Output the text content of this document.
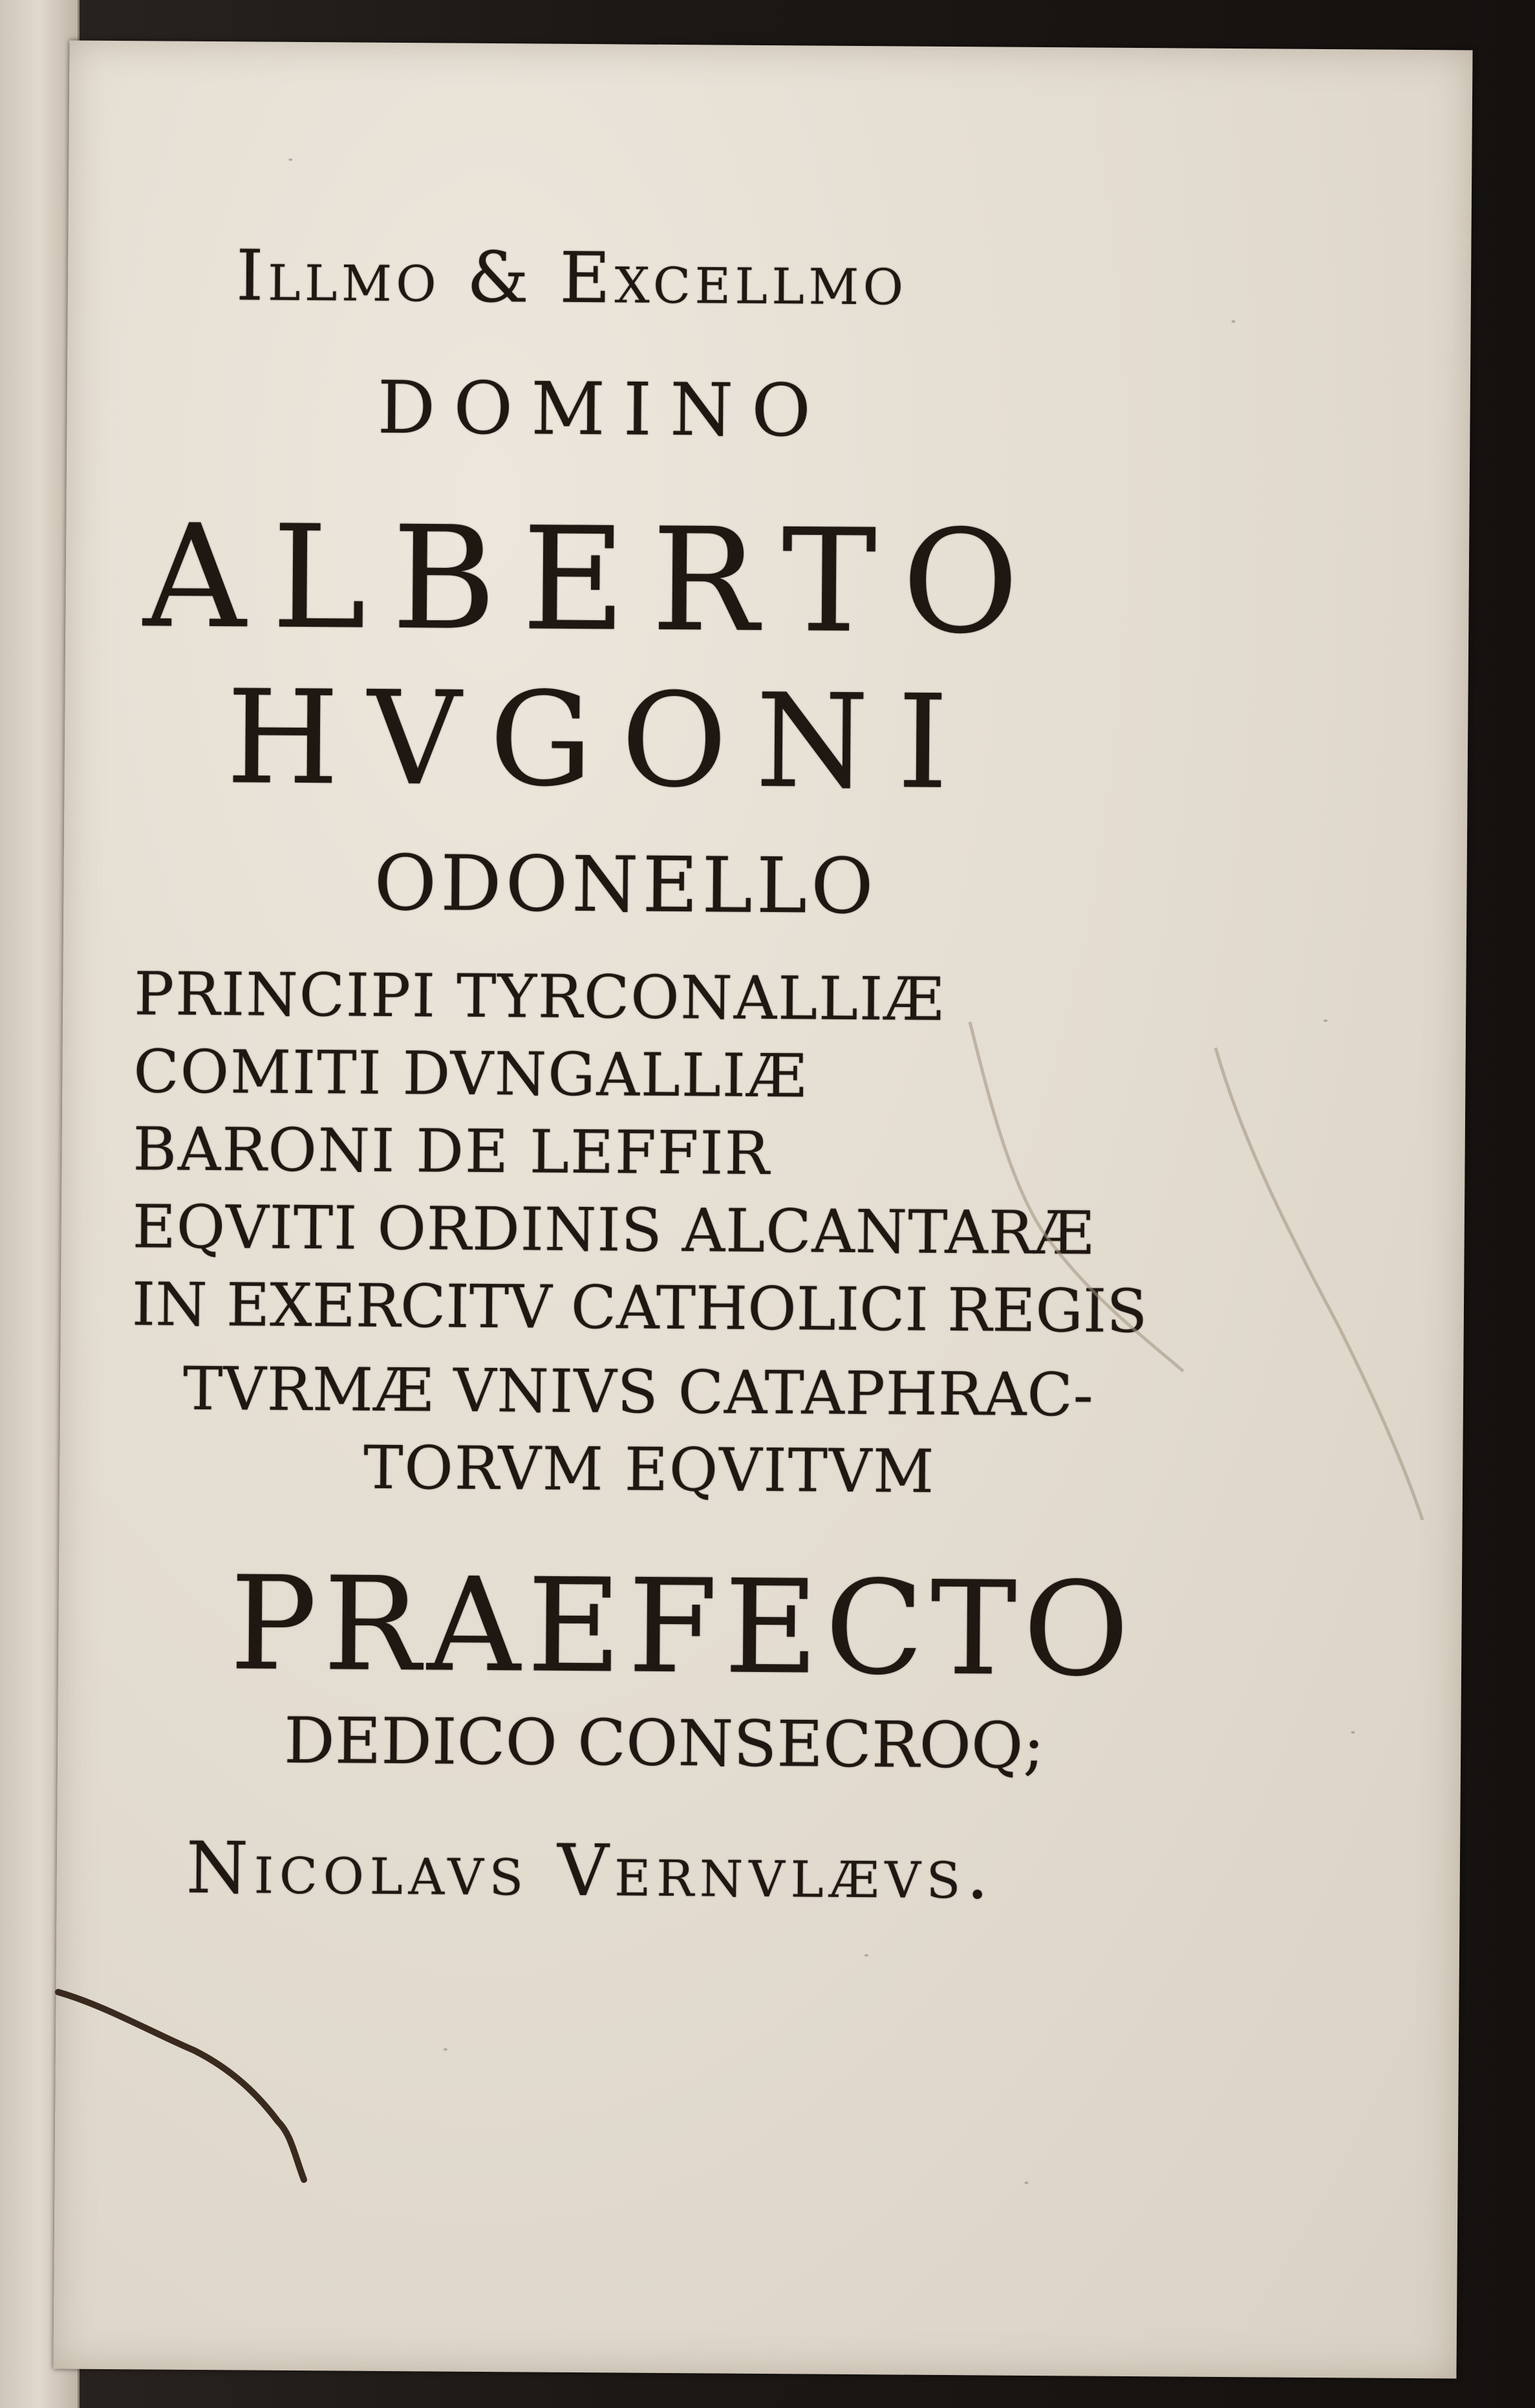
Illmo & Excellmo
DOMINO
ALBERTO
HVGONI
ODONELLO
PRINCIPI TYRCONALLIÆ
COMITI DVNGALLIÆ
BARONI DE LEFFIR
EQVITI ORDINIS ALCANTARÆ
IN EXERCITV CATHOLICI REGIS
TVRMÆ VNIVS CATAPHRAC-
TORVM EQVITVM
PRAEFECTO
DEDICO CONSECROQ;
Nicolavs Vernvlævs.
